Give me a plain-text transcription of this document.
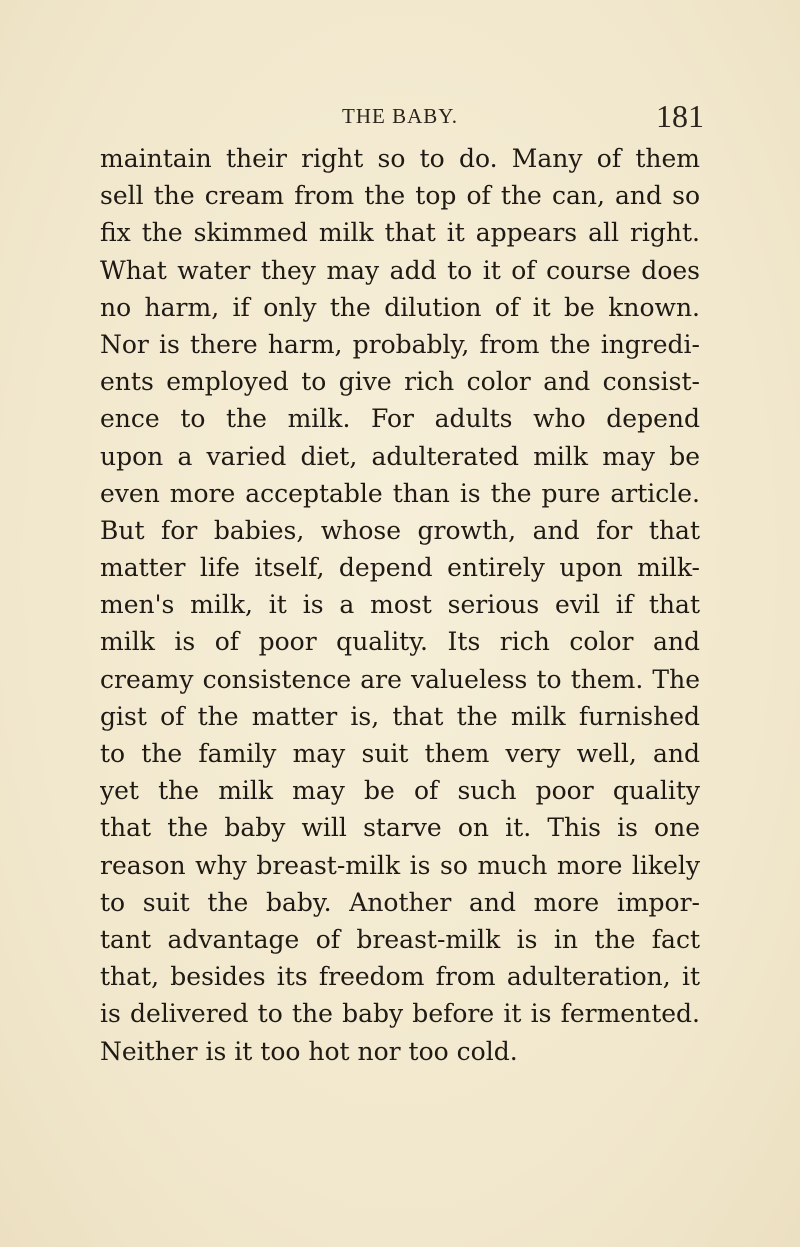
THE BABY.	181
maintain their right so to do. Many of them
sell the cream from the top of the can, and so
fix the skimmed milk that it appears all right.
What water they may add to it of course does
no harm, if only the dilution of it be known.
Nor is there harm, probably, from the ingredi-
ents employed to give rich color and consist-
ence to the milk. For adults who depend
upon a varied diet, adulterated milk may be
even more acceptable than is the pure article.
But for babies, whose growth, and for that
matter life itself, depend entirely upon milk-
men's milk, it is a most serious evil if that
milk is of poor quality. Its rich color and
creamy consistence are valueless to them. The
gist of the matter is, that the milk furnished
to the family may suit them very well, and
yet the milk may be of such poor quality
that the baby will starve on it. This is one
reason why breast-milk is so much more likely
to suit the baby. Another and more impor-
tant advantage of breast-milk is in the fact
that, besides its freedom from adulteration, it
is delivered to the baby before it is fermented.
Neither is it too hot nor too cold.
